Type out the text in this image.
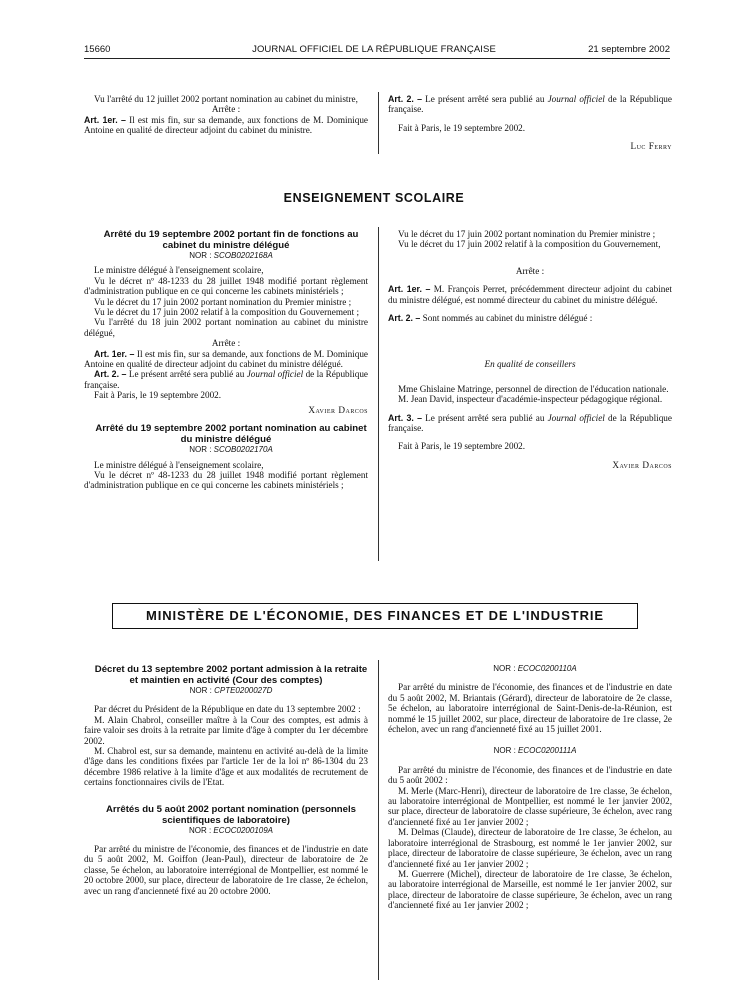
15660	JOURNAL OFFICIEL DE LA RÉPUBLIQUE FRANÇAISE	21 septembre 2002

Vu l'arrêté du 12 juillet 2002 portant nomination au cabinet du ministre,

Arrête :

Art. 1er. – Il est mis fin, sur sa demande, aux fonctions de M. Dominique Antoine en qualité de directeur adjoint du cabinet du ministre.

Art. 2. – Le présent arrêté sera publié au Journal officiel de la République française.

Fait à Paris, le 19 septembre 2002.

Luc Ferry

ENSEIGNEMENT SCOLAIRE

Arrêté du 19 septembre 2002 portant fin de fonctions au cabinet du ministre délégué

NOR : SCOB0202168A

Le ministre délégué à l'enseignement scolaire,

Vu le décret nº 48-1233 du 28 juillet 1948 modifié portant règlement d'administration publique en ce qui concerne les cabinets ministériels ;

Vu le décret du 17 juin 2002 portant nomination du Premier ministre ;

Vu le décret du 17 juin 2002 relatif à la composition du Gouvernement ;

Vu l'arrêté du 18 juin 2002 portant nomination au cabinet du ministre délégué,

Arrête :

Art. 1er. – Il est mis fin, sur sa demande, aux fonctions de M. Dominique Antoine en qualité de directeur adjoint du cabinet du ministre délégué.

Art. 2. – Le présent arrêté sera publié au Journal officiel de la République française.

Fait à Paris, le 19 septembre 2002.

Xavier Darcos

Arrêté du 19 septembre 2002 portant nomination au cabinet du ministre délégué

NOR : SCOB0202170A

Le ministre délégué à l'enseignement scolaire,

Vu le décret nº 48-1233 du 28 juillet 1948 modifié portant règlement d'administration publique en ce qui concerne les cabinets ministériels ;

Vu le décret du 17 juin 2002 portant nomination du Premier ministre ;

Vu le décret du 17 juin 2002 relatif à la composition du Gouvernement,

Arrête :

Art. 1er. – M. François Perret, précédemment directeur adjoint du cabinet du ministre délégué, est nommé directeur du cabinet du ministre délégué.

Art. 2. – Sont nommés au cabinet du ministre délégué :

En qualité de conseillers

Mme Ghislaine Matringe, personnel de direction de l'éducation nationale.

M. Jean David, inspecteur d'académie-inspecteur pédagogique régional.

Art. 3. – Le présent arrêté sera publié au Journal officiel de la République française.

Fait à Paris, le 19 septembre 2002.

Xavier Darcos

MINISTÈRE DE L'ÉCONOMIE, DES FINANCES ET DE L'INDUSTRIE

Décret du 13 septembre 2002 portant admission à la retraite et maintien en activité (Cour des comptes)

NOR : CPTE0200027D

Par décret du Président de la République en date du 13 septembre 2002 :

M. Alain Chabrol, conseiller maître à la Cour des comptes, est admis à faire valoir ses droits à la retraite par limite d'âge à compter du 1er décembre 2002.

M. Chabrol est, sur sa demande, maintenu en activité au-delà de la limite d'âge dans les conditions fixées par l'article 1er de la loi nº 86-1304 du 23 décembre 1986 relative à la limite d'âge et aux modalités de recrutement de certains fonctionnaires civils de l'Etat.

Arrêtés du 5 août 2002 portant nomination (personnels scientifiques de laboratoire)

NOR : ECOC0200109A

Par arrêté du ministre de l'économie, des finances et de l'industrie en date du 5 août 2002, M. Goiffon (Jean-Paul), directeur de laboratoire de 2e classe, 5e échelon, au laboratoire interrégional de Montpellier, est nommé le 20 octobre 2000, sur place, directeur de laboratoire de 1re classe, 2e échelon, avec un rang d'ancienneté fixé au 20 octobre 2000.

NOR : ECOC0200110A

Par arrêté du ministre de l'économie, des finances et de l'industrie en date du 5 août 2002, M. Briantais (Gérard), directeur de laboratoire de 2e classe, 5e échelon, au laboratoire interrégional de Saint-Denis-de-la-Réunion, est nommé le 15 juillet 2002, sur place, directeur de laboratoire de 1re classe, 2e échelon, avec un rang d'ancienneté fixé au 15 juillet 2001.

NOR : ECOC0200111A

Par arrêté du ministre de l'économie, des finances et de l'industrie en date du 5 août 2002 :

M. Merle (Marc-Henri), directeur de laboratoire de 1re classe, 3e échelon, au laboratoire interrégional de Montpellier, est nommé le 1er janvier 2002, sur place, directeur de laboratoire de classe supérieure, 3e échelon, avec rang d'ancienneté fixé au 1er janvier 2002 ;

M. Delmas (Claude), directeur de laboratoire de 1re classe, 3e échelon, au laboratoire interrégional de Strasbourg, est nommé le 1er janvier 2002, sur place, directeur de laboratoire de classe supérieure, 3e échelon, avec un rang d'ancienneté fixé au 1er janvier 2002 ;

M. Guerrere (Michel), directeur de laboratoire de 1re classe, 3e échelon, au laboratoire interrégional de Marseille, est nommé le 1er janvier 2002, sur place, directeur de laboratoire de classe supérieure, 3e échelon, avec un rang d'ancienneté fixé au 1er janvier 2002 ;
